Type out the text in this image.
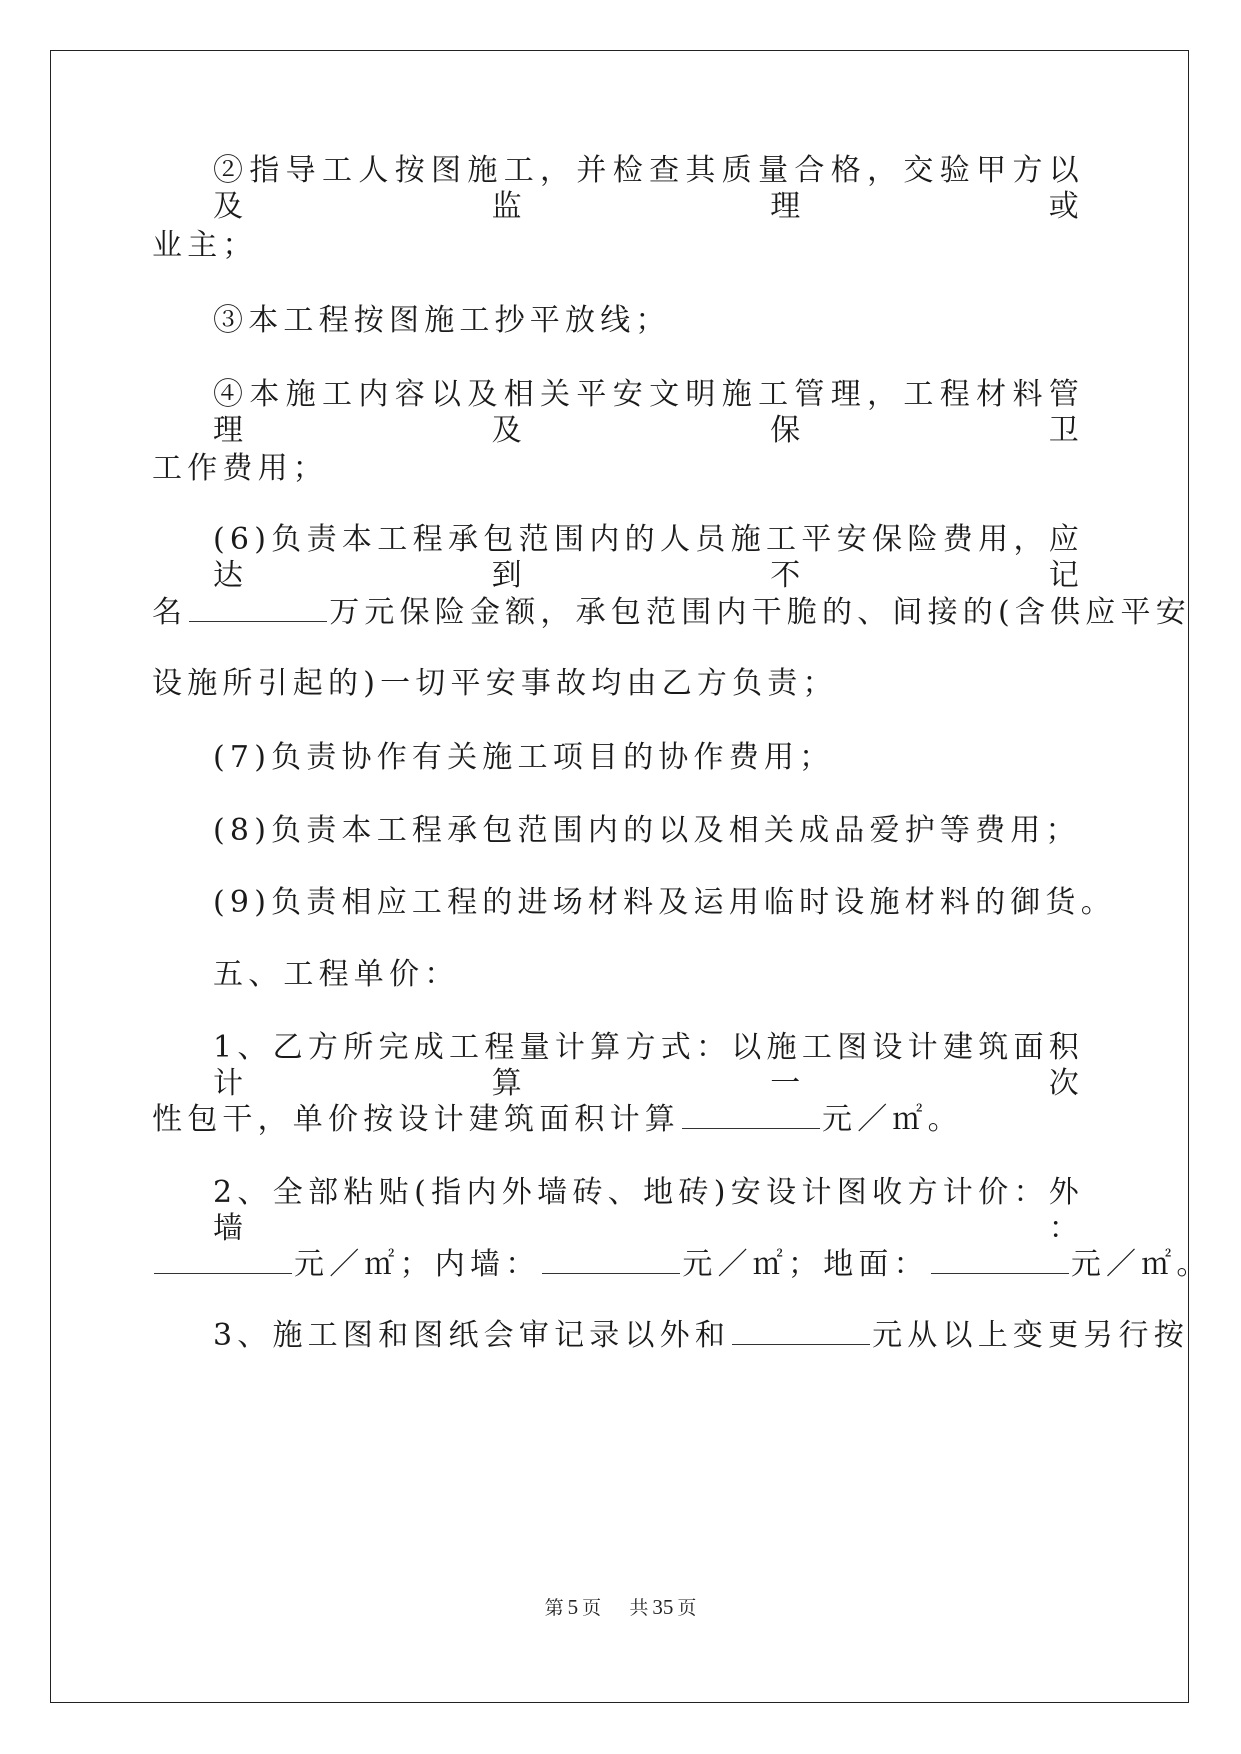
②指导工人按图施工，并检查其质量合格，交验甲方以及监理或
业主；
③本工程按图施工抄平放线；
④本施工内容以及相关平安文明施工管理，工程材料管理及保卫
工作费用；
(6)负责本工程承包范围内的人员施工平安保险费用，应达到不记
名	万元保险金额，承包范围内干脆的、间接的(含供应平安
设施所引起的)一切平安事故均由乙方负责；
(7)负责协作有关施工项目的协作费用；
(8)负责本工程承包范围内的以及相关成品爱护等费用；
(9)负责相应工程的进场材料及运用临时设施材料的御货。
五、工程单价：
1、乙方所完成工程量计算方式：以施工图设计建筑面积计算一次
性包干，单价按设计建筑面积计算	元／㎡。
2、全部粘贴(指内外墙砖、地砖)安设计图收方计价：外墙：
元／㎡；内墙：	元／㎡；地面：	元／㎡。
3、施工图和图纸会审记录以外和	元从以上变更另行按
第 5 页 共 35 页
